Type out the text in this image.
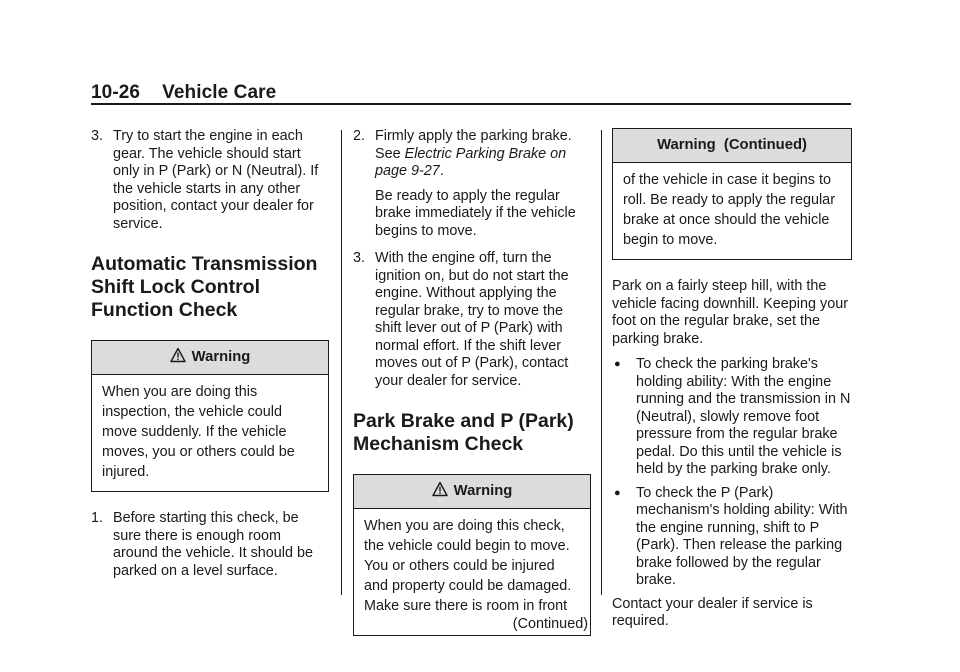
10-26 Vehicle Care
3. Try to start the engine in each gear. The vehicle should start only in P (Park) or N (Neutral). If the vehicle starts in any other position, contact your dealer for service.

Automatic Transmission Shift Lock Control Function Check
Warning
When you are doing this inspection, the vehicle could move suddenly. If the vehicle moves, you or others could be injured.
1. Before starting this check, be sure there is enough room around the vehicle. It should be parked on a level surface.

2. Firmly apply the parking brake. See Electric Parking Brake on page 9-27.

Be ready to apply the regular brake immediately if the vehicle begins to move.

3. With the engine off, turn the ignition on, but do not start the engine. Without applying the regular brake, try to move the shift lever out of P (Park) with normal effort. If the shift lever moves out of P (Park), contact your dealer for service.

Park Brake and P (Park) Mechanism Check
Warning
When you are doing this check, the vehicle could begin to move. You or others could be injured and property could be damaged. Make sure there is room in front
(Continued)
Warning  (Continued)
of the vehicle in case it begins to roll. Be ready to apply the regular brake at once should the vehicle begin to move.

Park on a fairly steep hill, with the vehicle facing downhill. Keeping your foot on the regular brake, set the parking brake.

●	To check the parking brake's holding ability: With the engine running and the transmission in N (Neutral), slowly remove foot pressure from the regular brake pedal. Do this until the vehicle is held by the parking brake only.
●	To check the P (Park) mechanism's holding ability: With the engine running, shift to P (Park). Then release the parking brake followed by the regular brake.

Contact your dealer if service is required.
